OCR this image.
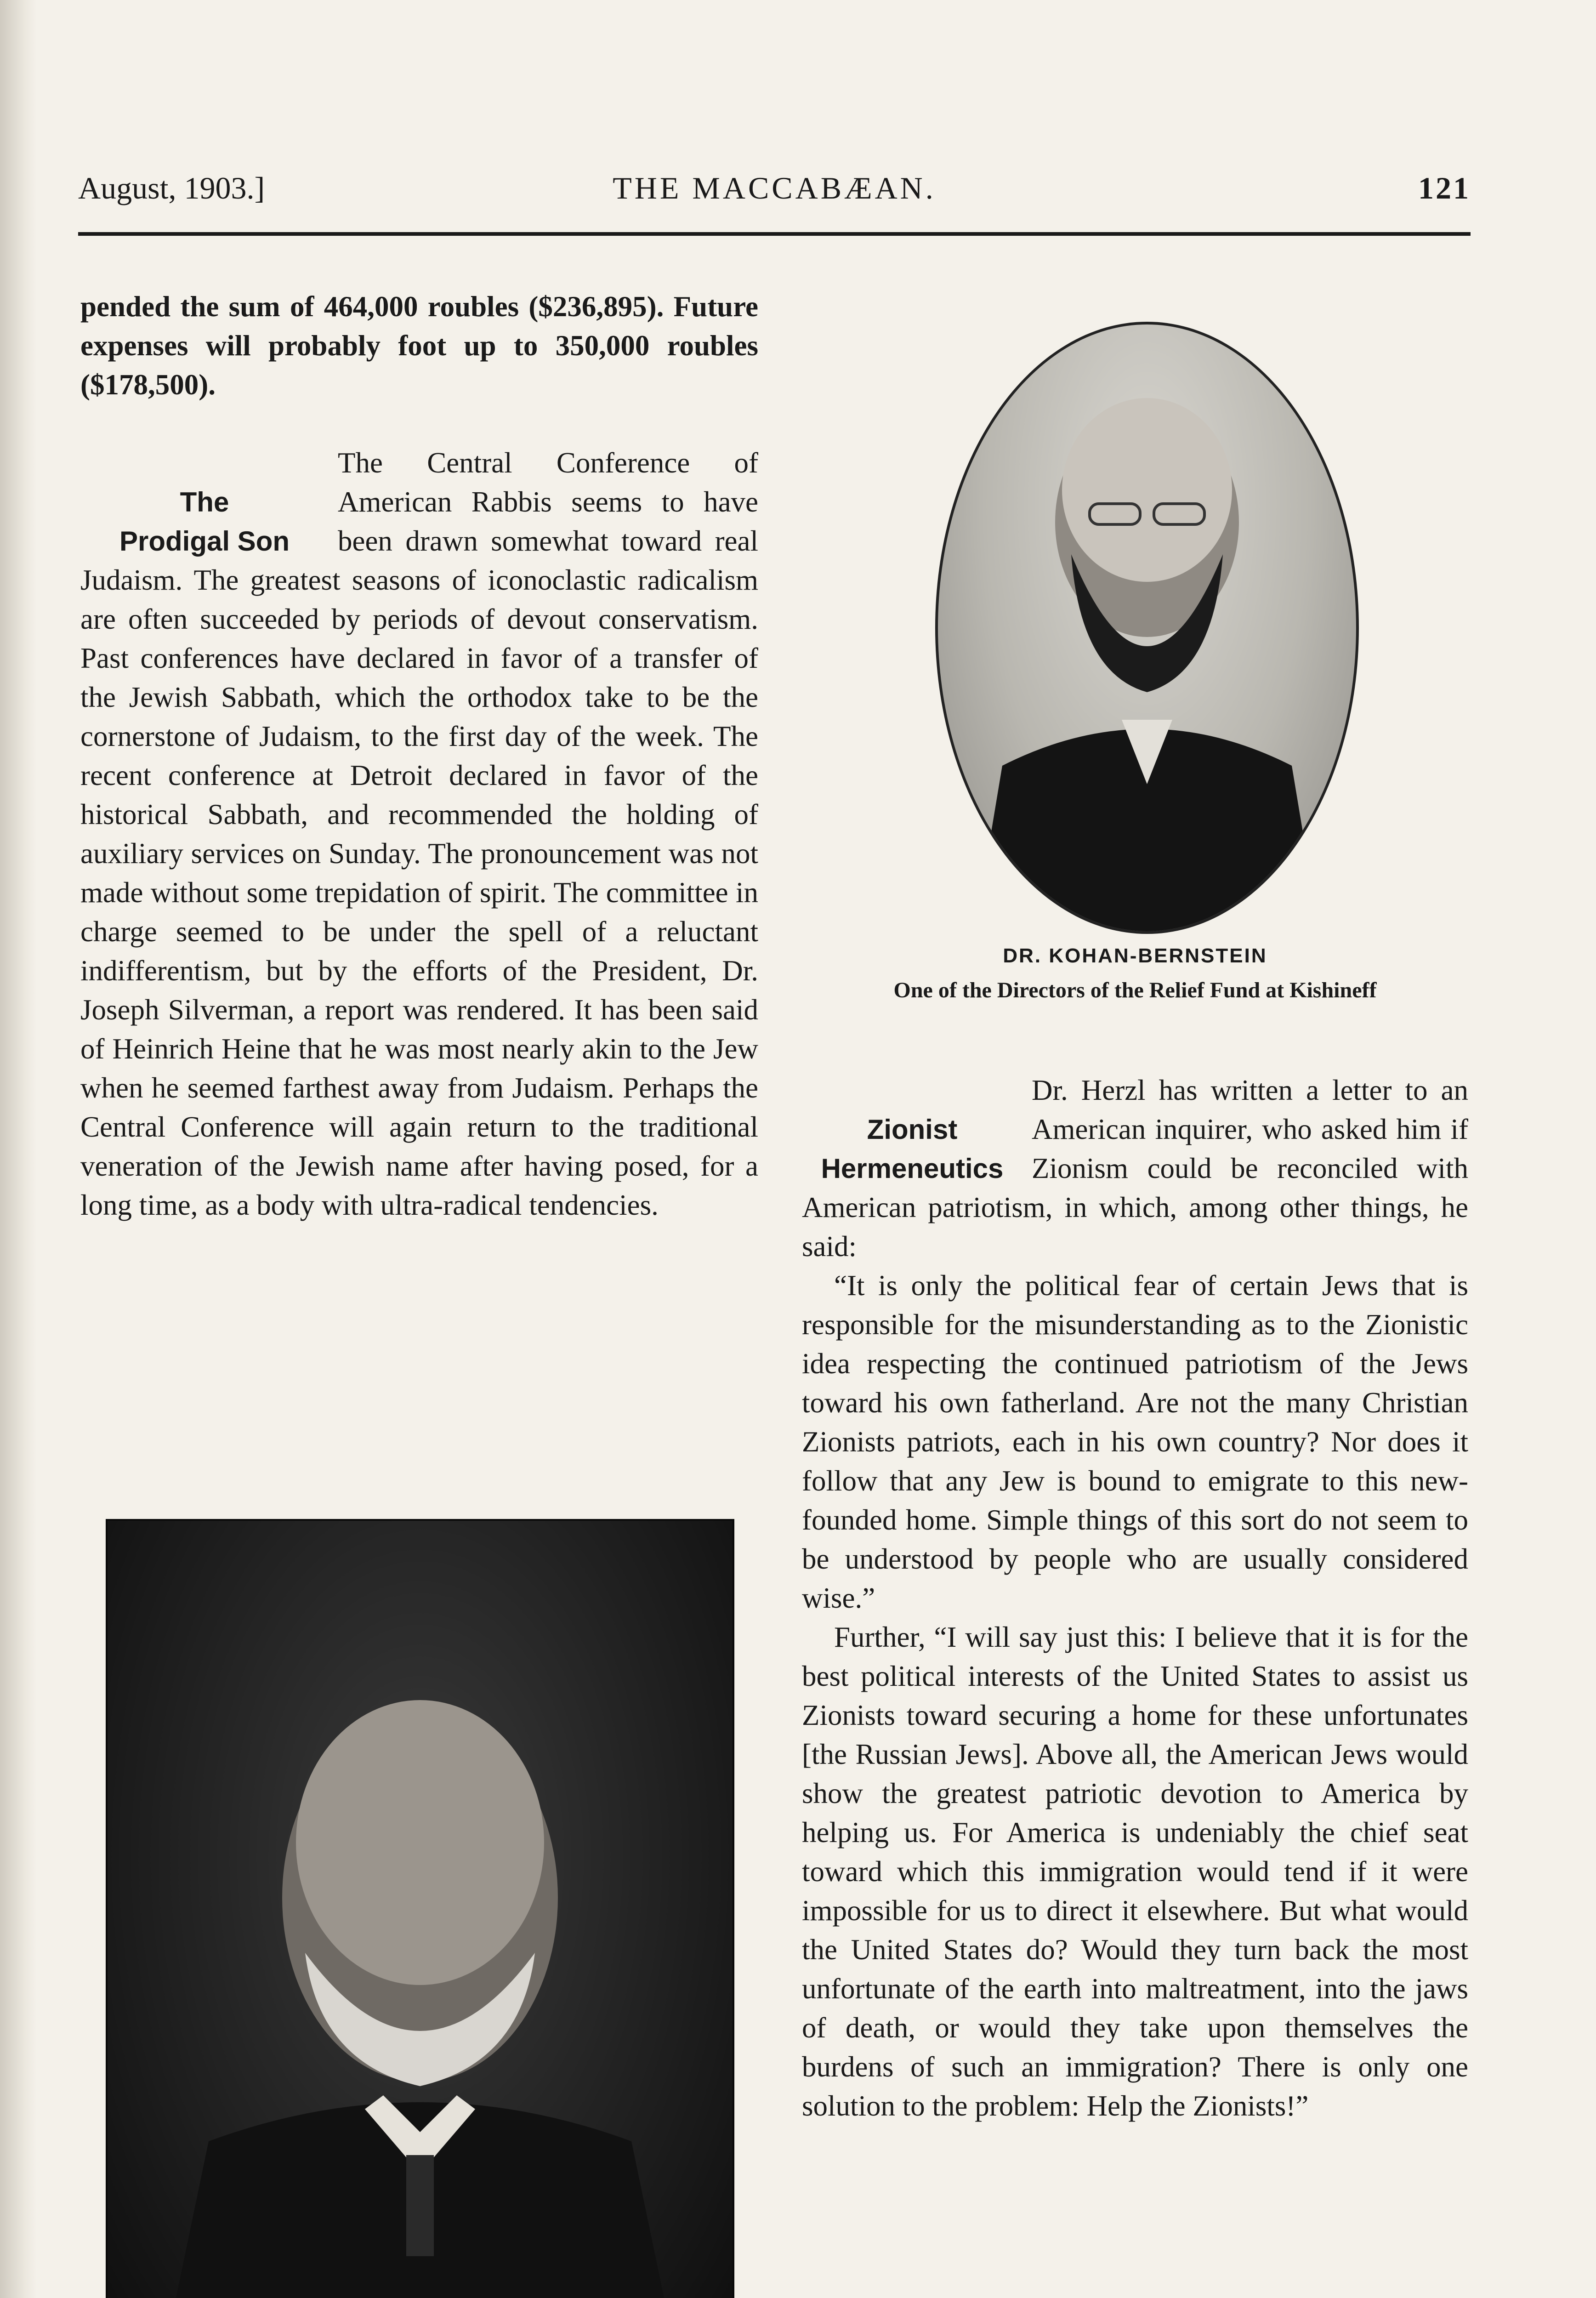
August, 1903.]	THE MACCABÆAN.	121

pended the sum of 464,000 roubles ($236,895). Future expenses will probably foot up to 350,000 roubles ($178,500).

The
Prodigal Son

The Central Conference of American Rabbis seems to have been drawn somewhat toward real Judaism. The greatest seasons of iconoclastic radicalism are often succeeded by periods of devout conservatism. Past conferences have declared in favor of a transfer of the Jewish Sabbath, which the orthodox take to be the cornerstone of Judaism, to the first day of the week. The recent conference at Detroit declared in favor of the historical Sabbath, and recommended the holding of auxiliary services on Sunday. The pronouncement was not made without some trepidation of spirit. The committee in charge seemed to be under the spell of a reluctant indifferentism, but by the efforts of the President, Dr. Joseph Silverman, a report was rendered. It has been said of Heinrich Heine that he was most nearly akin to the Jew when he seemed farthest away from Judaism. Perhaps the Central Conference will again return to the traditional veneration of the Jewish name after having posed, for a long time, as a body with ultra-radical tendencies.

DR. KOHAN-BERNSTEIN
One of the Directors of the Relief Fund at Kishineff
Zionist
Hermeneutics

Dr. Herzl has written a letter to an American inquirer, who asked him if Zionism could be reconciled with American patriotism, in which, among other things, he said:

“It is only the political fear of certain Jews that is responsible for the misunderstanding as to the Zionistic idea respecting the continued patriotism of the Jews toward his own fatherland. Are not the many Christian Zionists patriots, each in his own country? Nor does it follow that any Jew is bound to emigrate to this new-founded home. Simple things of this sort do not seem to be understood by people who are usually considered wise.”

Further, “I will say just this: I believe that it is for the best political interests of the United States to assist us Zionists toward securing a home for these unfortunates [the Russian Jews]. Above all, the American Jews would show the greatest patriotic devotion to America by helping us. For America is undeniably the chief seat toward which this immigration would tend if it were impossible for us to direct it elsewhere. But what would the United States do? Would they turn back the most unfortunate of the earth into maltreatment, into the jaws of death, or would they take upon themselves the burdens of such an immigration? There is only one solution to the problem: Help the Zionists!”
